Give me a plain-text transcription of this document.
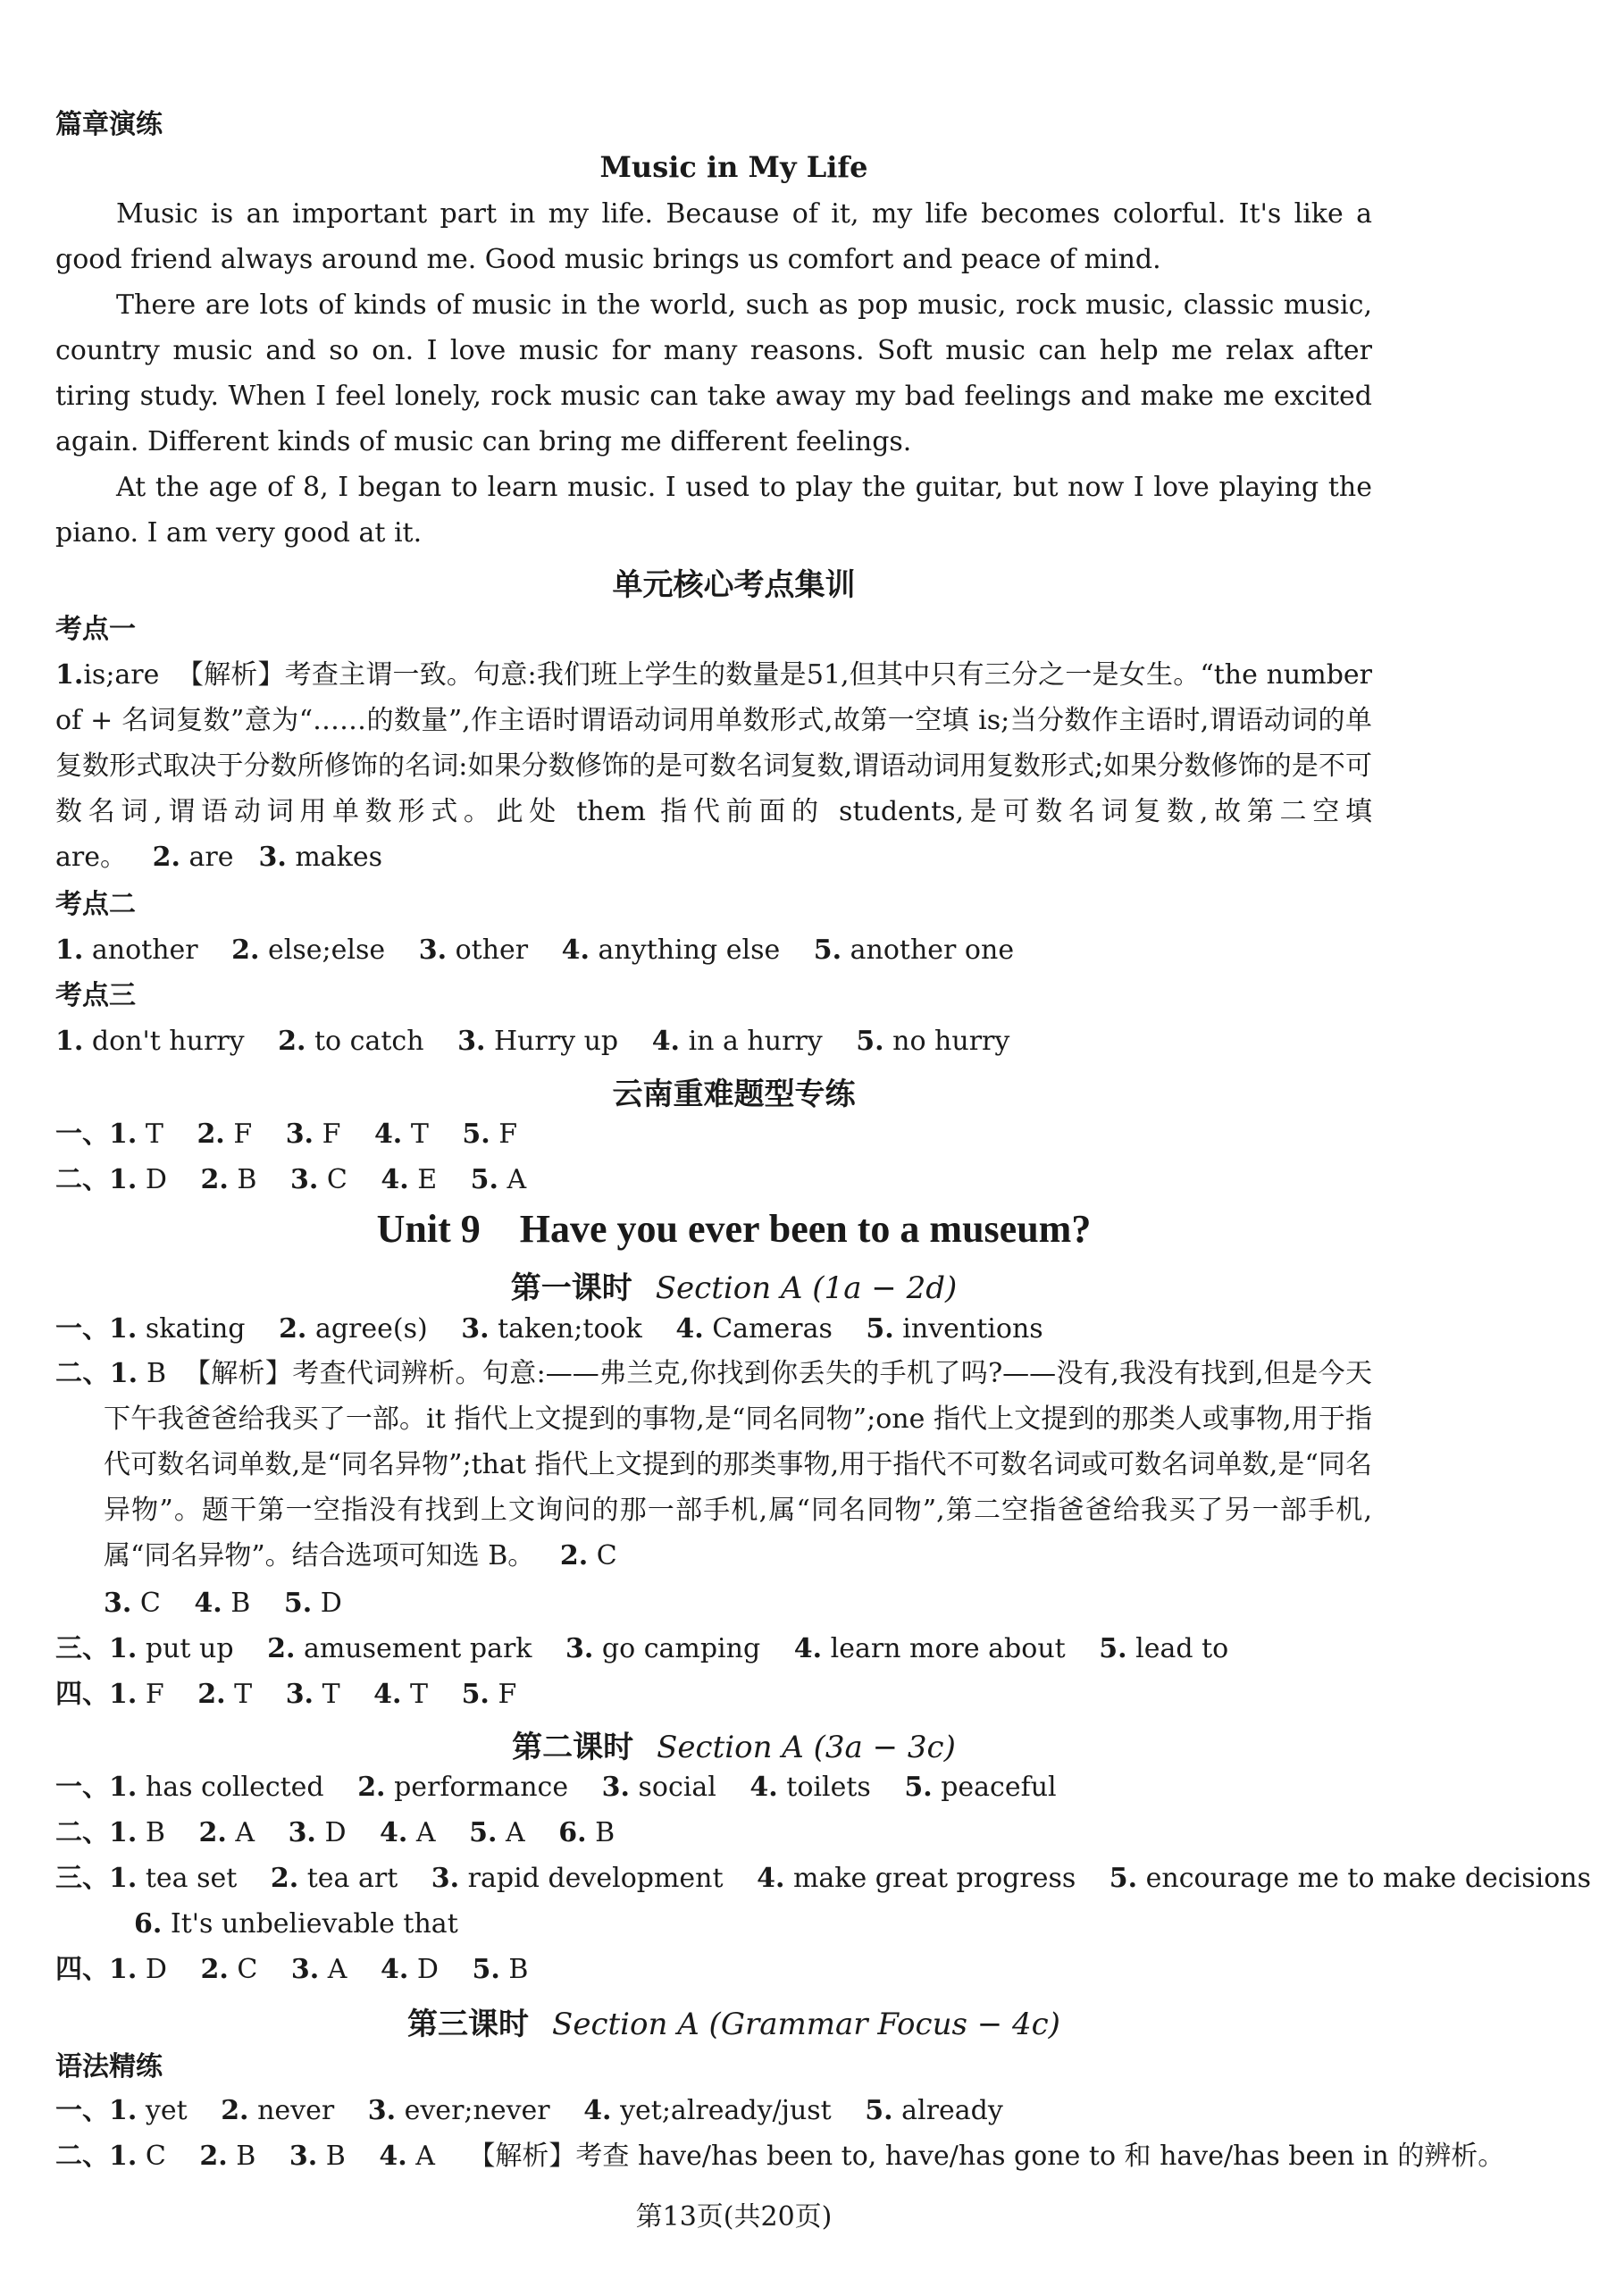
篇章演练
Music in My Life
Music is an important part in my life. Because of it, my life becomes colorful. It's like a good friend always around me. Good music brings us comfort and peace of mind.
There are lots of kinds of music in the world, such as pop music, rock music, classic music, country music and so on. I love music for many reasons. Soft music can help me relax after tiring study. When I feel lonely, rock music can take away my bad feelings and make me excited again. Different kinds of music can bring me different feelings.
At the age of 8, I began to learn music. I used to play the guitar, but now I love playing the piano. I am very good at it.
单元核心考点集训
考点一
1.is;are 【解析】考查主谓一致。句意:我们班上学生的数量是51,但其中只有三分之一是女生。“the number of + 名词复数”意为“……的数量”,作主语时谓语动词用单数形式,故第一空填 is;当分数作主语时,谓语动词的单复数形式取决于分数所修饰的名词:如果分数修饰的是可数名词复数,谓语动词用复数形式;如果分数修饰的是不可数名词,谓语动词用单数形式。此处 them 指代前面的 students,是可数名词复数,故第二空填 are。 2. are 3. makes
考点二
1. another 2. else;else 3. other 4. anything else 5. another one
考点三
1. don't hurry 2. to catch 3. Hurry up 4. in a hurry 5. no hurry
云南重难题型专练
一、1. T 2. F 3. F 4. T 5. F
二、1. D 2. B 3. C 4. E 5. A
Unit 9    Have you ever been to a museum?
第一课时 Section A (1a − 2d)
一、1. skating 2. agree(s) 3. taken;took 4. Cameras 5. inventions
二、1. B 【解析】考查代词辨析。句意:——弗兰克,你找到你丢失的手机了吗?——没有,我没有找到,但是今天下午我爸爸给我买了一部。it 指代上文提到的事物,是“同名同物”;one 指代上文提到的那类人或事物,用于指代可数名词单数,是“同名异物”;that 指代上文提到的那类事物,用于指代不可数名词或可数名词单数,是“同名异物”。题干第一空指没有找到上文询问的那一部手机,属“同名同物”,第二空指爸爸给我买了另一部手机,属“同名异物”。结合选项可知选 B。 2. C
3. C 4. B 5. D
三、1. put up 2. amusement park 3. go camping 4. learn more about 5. lead to
四、1. F 2. T 3. T 4. T 5. F
第二课时 Section A (3a − 3c)
一、1. has collected 2. performance 3. social 4. toilets 5. peaceful
二、1. B 2. A 3. D 4. A 5. A 6. B
三、1. tea set 2. tea art 3. rapid development 4. make great progress 5. encourage me to make decisions
6. It's unbelievable that
四、1. D 2. C 3. A 4. D 5. B
第三课时 Section A (Grammar Focus − 4c)
语法精练
一、1. yet 2. never 3. ever;never 4. yet;already/just 5. already
二、1. C 2. B 3. B 4. A 【解析】考查 have/has been to, have/has gone to 和 have/has been in 的辨析。
第13页(共20页)
